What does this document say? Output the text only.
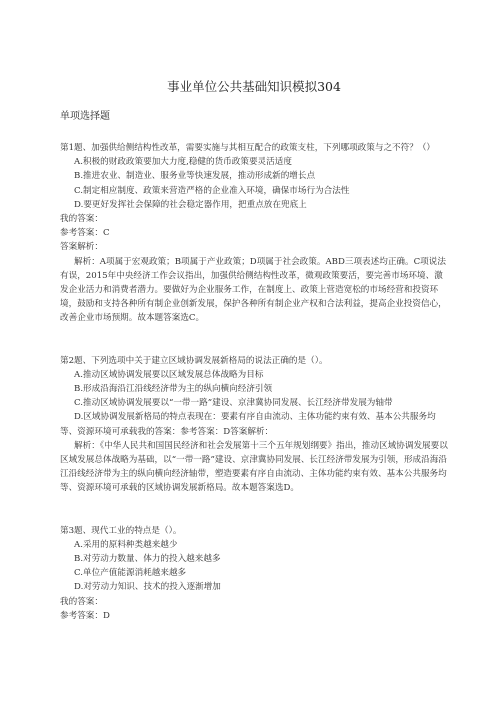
事业单位公共基础知识模拟304
单项选择题

第1题、加强供给侧结构性改革，需要实施与其相互配合的政策支柱，下列哪项政策与之不符？（）

A.积极的财政政策要加大力度,稳健的货币政策要灵活适度

B.推进农业、制造业、服务业等快速发展，推动形成新的增长点

C.制定相应制度、政策来营造严格的企业准入环境，确保市场行为合法性

D.要更好发挥社会保障的社会稳定器作用，把重点放在兜底上

我的答案：

参考答案：C

答案解析：

解析：A项属于宏观政策；B项属于产业政策；D项属于社会政策。ABD三项表述均正确。C项说法有误，2015年中央经济工作会议指出，加强供给侧结构性改革，微观政策要活，要完善市场环境、激发企业活力和消费者潜力。要做好为企业服务工作，在制度上、政策上营造宽松的市场经营和投资环境，鼓励和支持各种所有制企业创新发展，保护各种所有制企业产权和合法利益，提高企业投资信心，改善企业市场预期。故本题答案选C。

第2题、下列选项中关于建立区域协调发展新格局的说法正确的是（）。

A.推动区域协调发展要以区域发展总体战略为目标

B.形成沿海沿江沿线经济带为主的纵向横向经济引领

C.推动区域协调发展要以“一带一路”建设、京津冀协同发展、长江经济带发展为轴带

D.区域协调发展新格局的特点表现在：要素有序自由流动、主体功能约束有效、基本公共服务均等、资源环境可承载我的答案：参考答案：D答案解析：

解析：《中华人民共和国国民经济和社会发展第十三个五年规划纲要》指出，推动区域协调发展要以区域发展总体战略为基础，以“一带一路”建设、京津冀协同发展、长江经济带发展为引领，形成沿海沿江沿线经济带为主的纵向横向经济轴带，塑造要素有序自由流动、主体功能约束有效、基本公共服务均等、资源环境可承载的区域协调发展新格局。故本题答案选D。

第3题、现代工业的特点是（）。

A.采用的原料种类越来越少

B.对劳动力数量、体力的投入越来越多

C.单位产值能源消耗越来越多

D.对劳动力知识、技术的投入逐渐增加

我的答案：

参考答案：D
